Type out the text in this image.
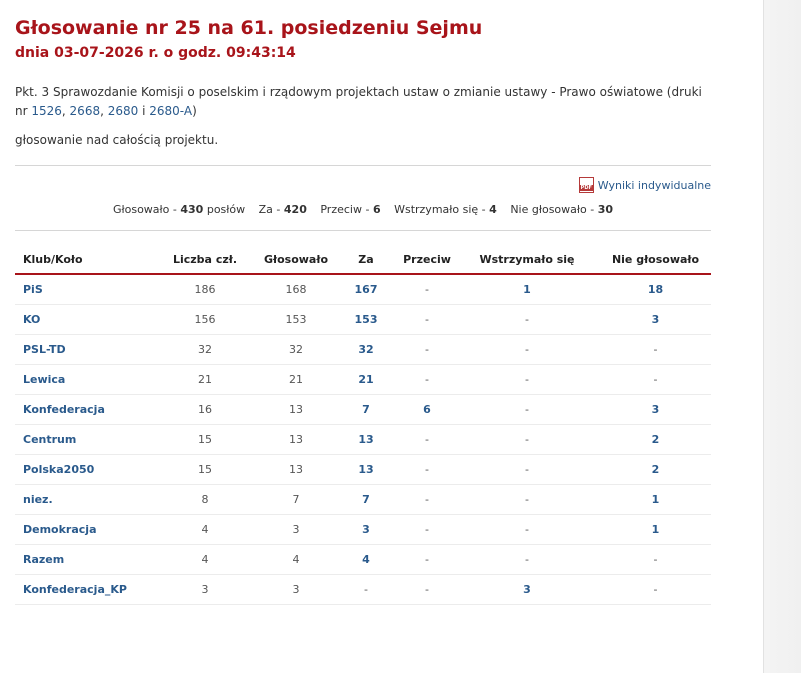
Głosowanie nr 25 na 61. posiedzeniu Sejmu
dnia 03-07-2026 r. o godz. 09:43:14
Pkt. 3 Sprawozdanie Komisji o poselskim i rządowym projektach ustaw o zmianie ustawy - Prawo oświatowe (druki nr 1526, 2668, 2680 i 2680-A)
głosowanie nad całością projektu.
PDF Wyniki indywidualne
Głosowało - 430 posłów Za - 420 Przeciw - 6 Wstrzymało się - 4 Nie głosowało - 30
Klub/Koło	Liczba czł.	Głosowało	Za	Przeciw	Wstrzymało się	Nie głosowało
PiS	186	168	167	-	1	18
KO	156	153	153	-	-	3
PSL-TD	32	32	32	-	-	-
Lewica	21	21	21	-	-	-
Konfederacja	16	13	7	6	-	3
Centrum	15	13	13	-	-	2
Polska2050	15	13	13	-	-	2
niez.	8	7	7	-	-	1
Demokracja	4	3	3	-	-	1
Razem	4	4	4	-	-	-
Konfederacja_KP	3	3	-	-	3	-
